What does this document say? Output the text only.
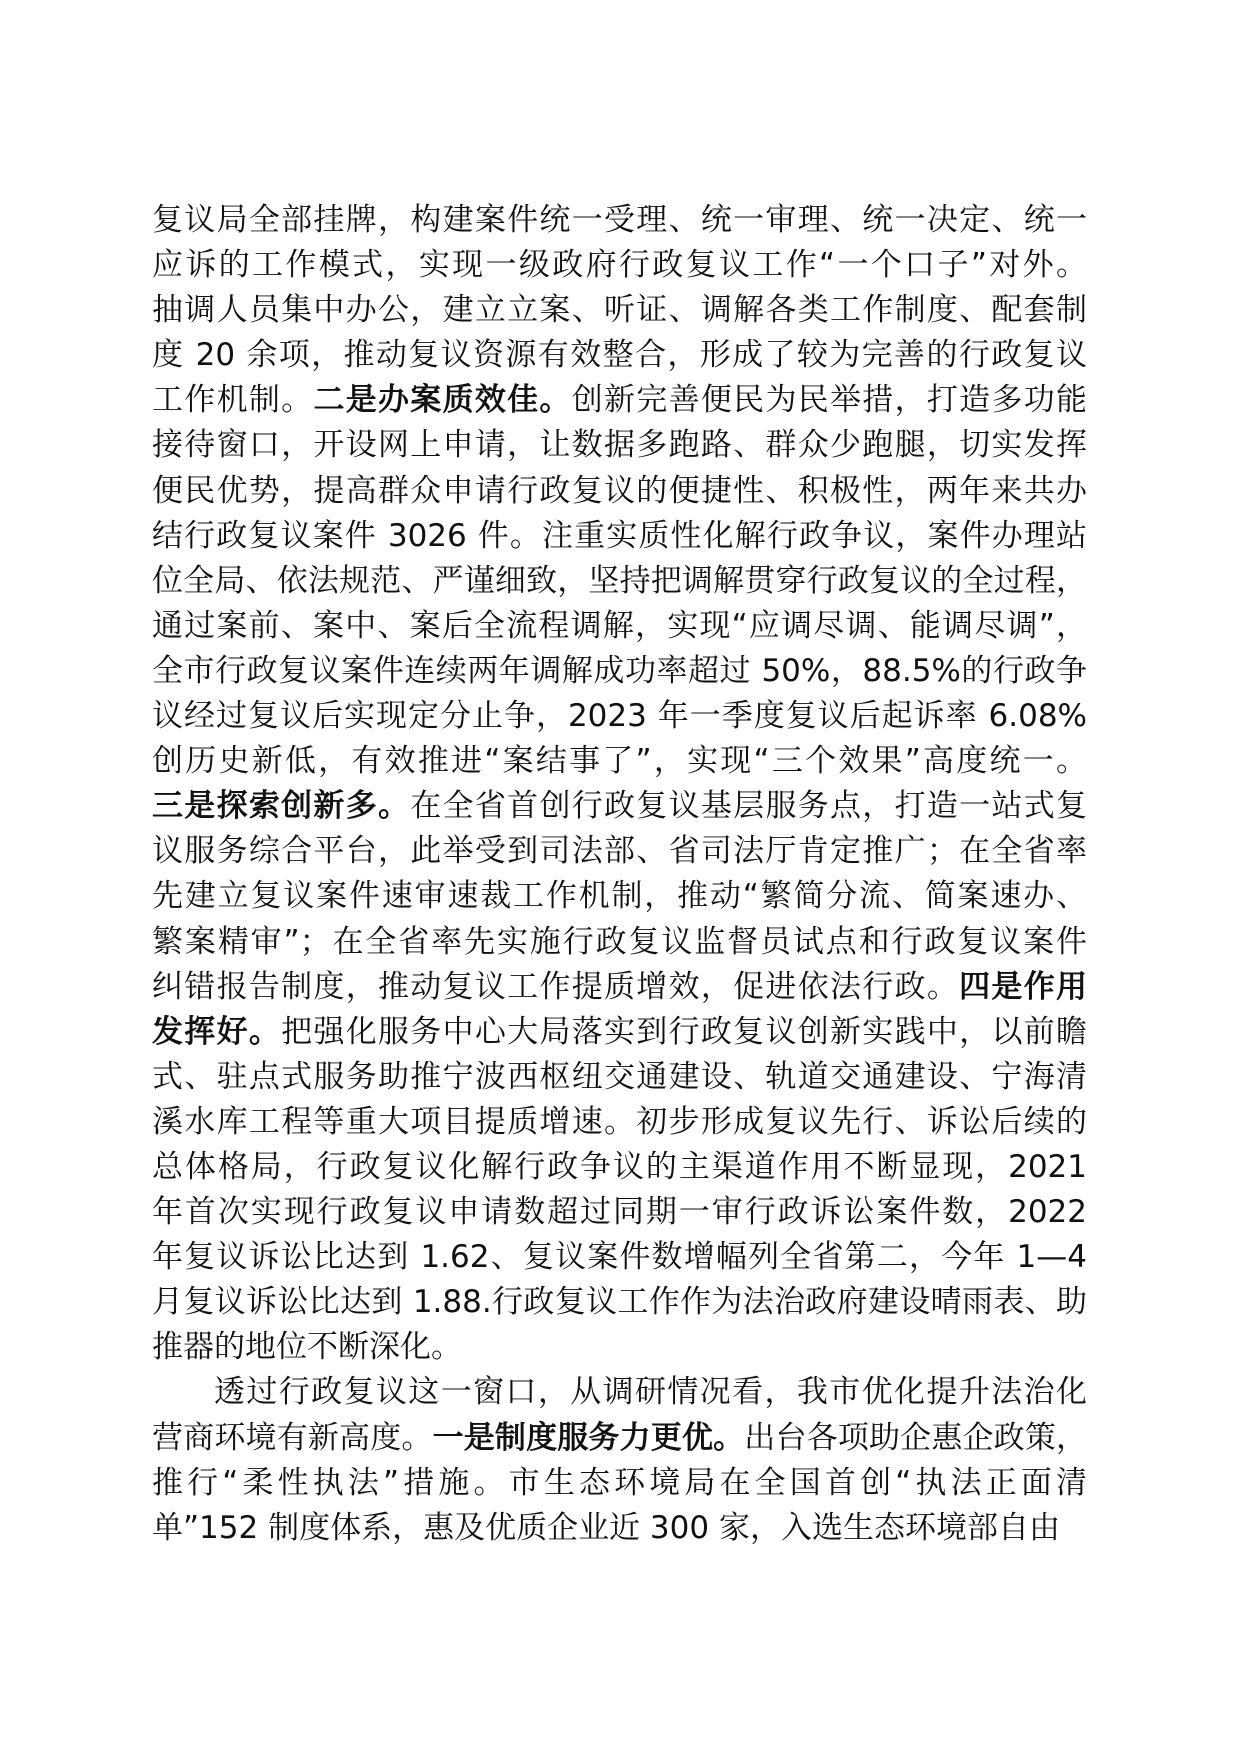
复议局全部挂牌，构建案件统一受理、统一审理、统一决定、统一
应诉的工作模式，实现一级政府行政复议工作“一个口子”对外。
抽调人员集中办公，建立立案、听证、调解各类工作制度、配套制
度 20 余项，推动复议资源有效整合，形成了较为完善的行政复议
工作机制。二是办案质效佳。创新完善便民为民举措，打造多功能
接待窗口，开设网上申请，让数据多跑路、群众少跑腿，切实发挥
便民优势，提高群众申请行政复议的便捷性、积极性，两年来共办
结行政复议案件 3026 件。注重实质性化解行政争议，案件办理站
位全局、依法规范、严谨细致，坚持把调解贯穿行政复议的全过程，
通过案前、案中、案后全流程调解，实现“应调尽调、能调尽调”，
全市行政复议案件连续两年调解成功率超过 50%，88.5%的行政争
议经过复议后实现定分止争，2023 年一季度复议后起诉率 6.08%
创历史新低，有效推进“案结事了”，实现“三个效果”高度统一。
三是探索创新多。在全省首创行政复议基层服务点，打造一站式复
议服务综合平台，此举受到司法部、省司法厅肯定推广；在全省率
先建立复议案件速审速裁工作机制，推动“繁简分流、简案速办、
繁案精审”；在全省率先实施行政复议监督员试点和行政复议案件
纠错报告制度，推动复议工作提质增效，促进依法行政。四是作用
发挥好。把强化服务中心大局落实到行政复议创新实践中，以前瞻
式、驻点式服务助推宁波西枢纽交通建设、轨道交通建设、宁海清
溪水库工程等重大项目提质增速。初步形成复议先行、诉讼后续的
总体格局，行政复议化解行政争议的主渠道作用不断显现，2021
年首次实现行政复议申请数超过同期一审行政诉讼案件数，2022
年复议诉讼比达到 1.62、复议案件数增幅列全省第二，今年 1—4
月复议诉讼比达到 1.88.行政复议工作作为法治政府建设晴雨表、助
推器的地位不断深化。
透过行政复议这一窗口，从调研情况看，我市优化提升法治化
营商环境有新高度。一是制度服务力更优。出台各项助企惠企政策，
推行“柔性执法”措施。市生态环境局在全国首创“执法正面清
单”152 制度体系，惠及优质企业近 300 家，入选生态环境部自由
